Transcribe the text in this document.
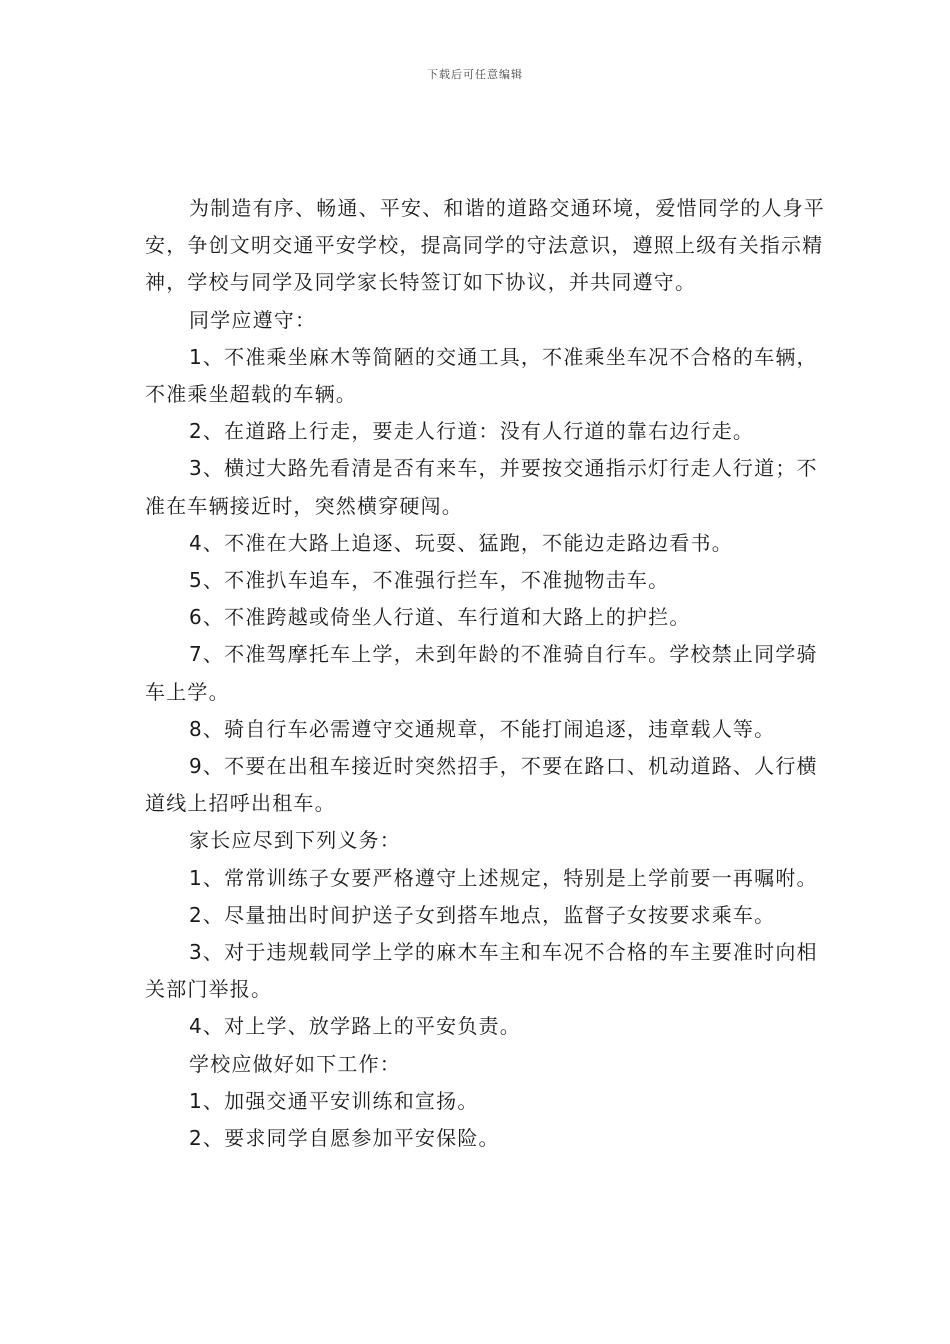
下载后可任意编辑

为制造有序、畅通、平安、和谐的道路交通环境，爱惜同学的人身平安，争创文明交通平安学校，提高同学的守法意识，遵照上级有关指示精神，学校与同学及同学家长特签订如下协议，并共同遵守。

同学应遵守：

1、不准乘坐麻木等简陋的交通工具，不准乘坐车况不合格的车辆，不准乘坐超载的车辆。

2、在道路上行走，要走人行道：没有人行道的靠右边行走。

3、横过大路先看清是否有来车，并要按交通指示灯行走人行道；不准在车辆接近时，突然横穿硬闯。

4、不准在大路上追逐、玩耍、猛跑，不能边走路边看书。

5、不准扒车追车，不准强行拦车，不准抛物击车。

6、不准跨越或倚坐人行道、车行道和大路上的护拦。

7、不准驾摩托车上学，未到年龄的不准骑自行车。学校禁止同学骑车上学。

8、骑自行车必需遵守交通规章，不能打闹追逐，违章载人等。

9、不要在出租车接近时突然招手，不要在路口、机动道路、人行横道线上招呼出租车。

家长应尽到下列义务：

1、常常训练子女要严格遵守上述规定，特别是上学前要一再嘱咐。

2、尽量抽出时间护送子女到搭车地点，监督子女按要求乘车。

3、对于违规载同学上学的麻木车主和车况不合格的车主要准时向相关部门举报。

4、对上学、放学路上的平安负责。

学校应做好如下工作：

1、加强交通平安训练和宣扬。

2、要求同学自愿参加平安保险。
